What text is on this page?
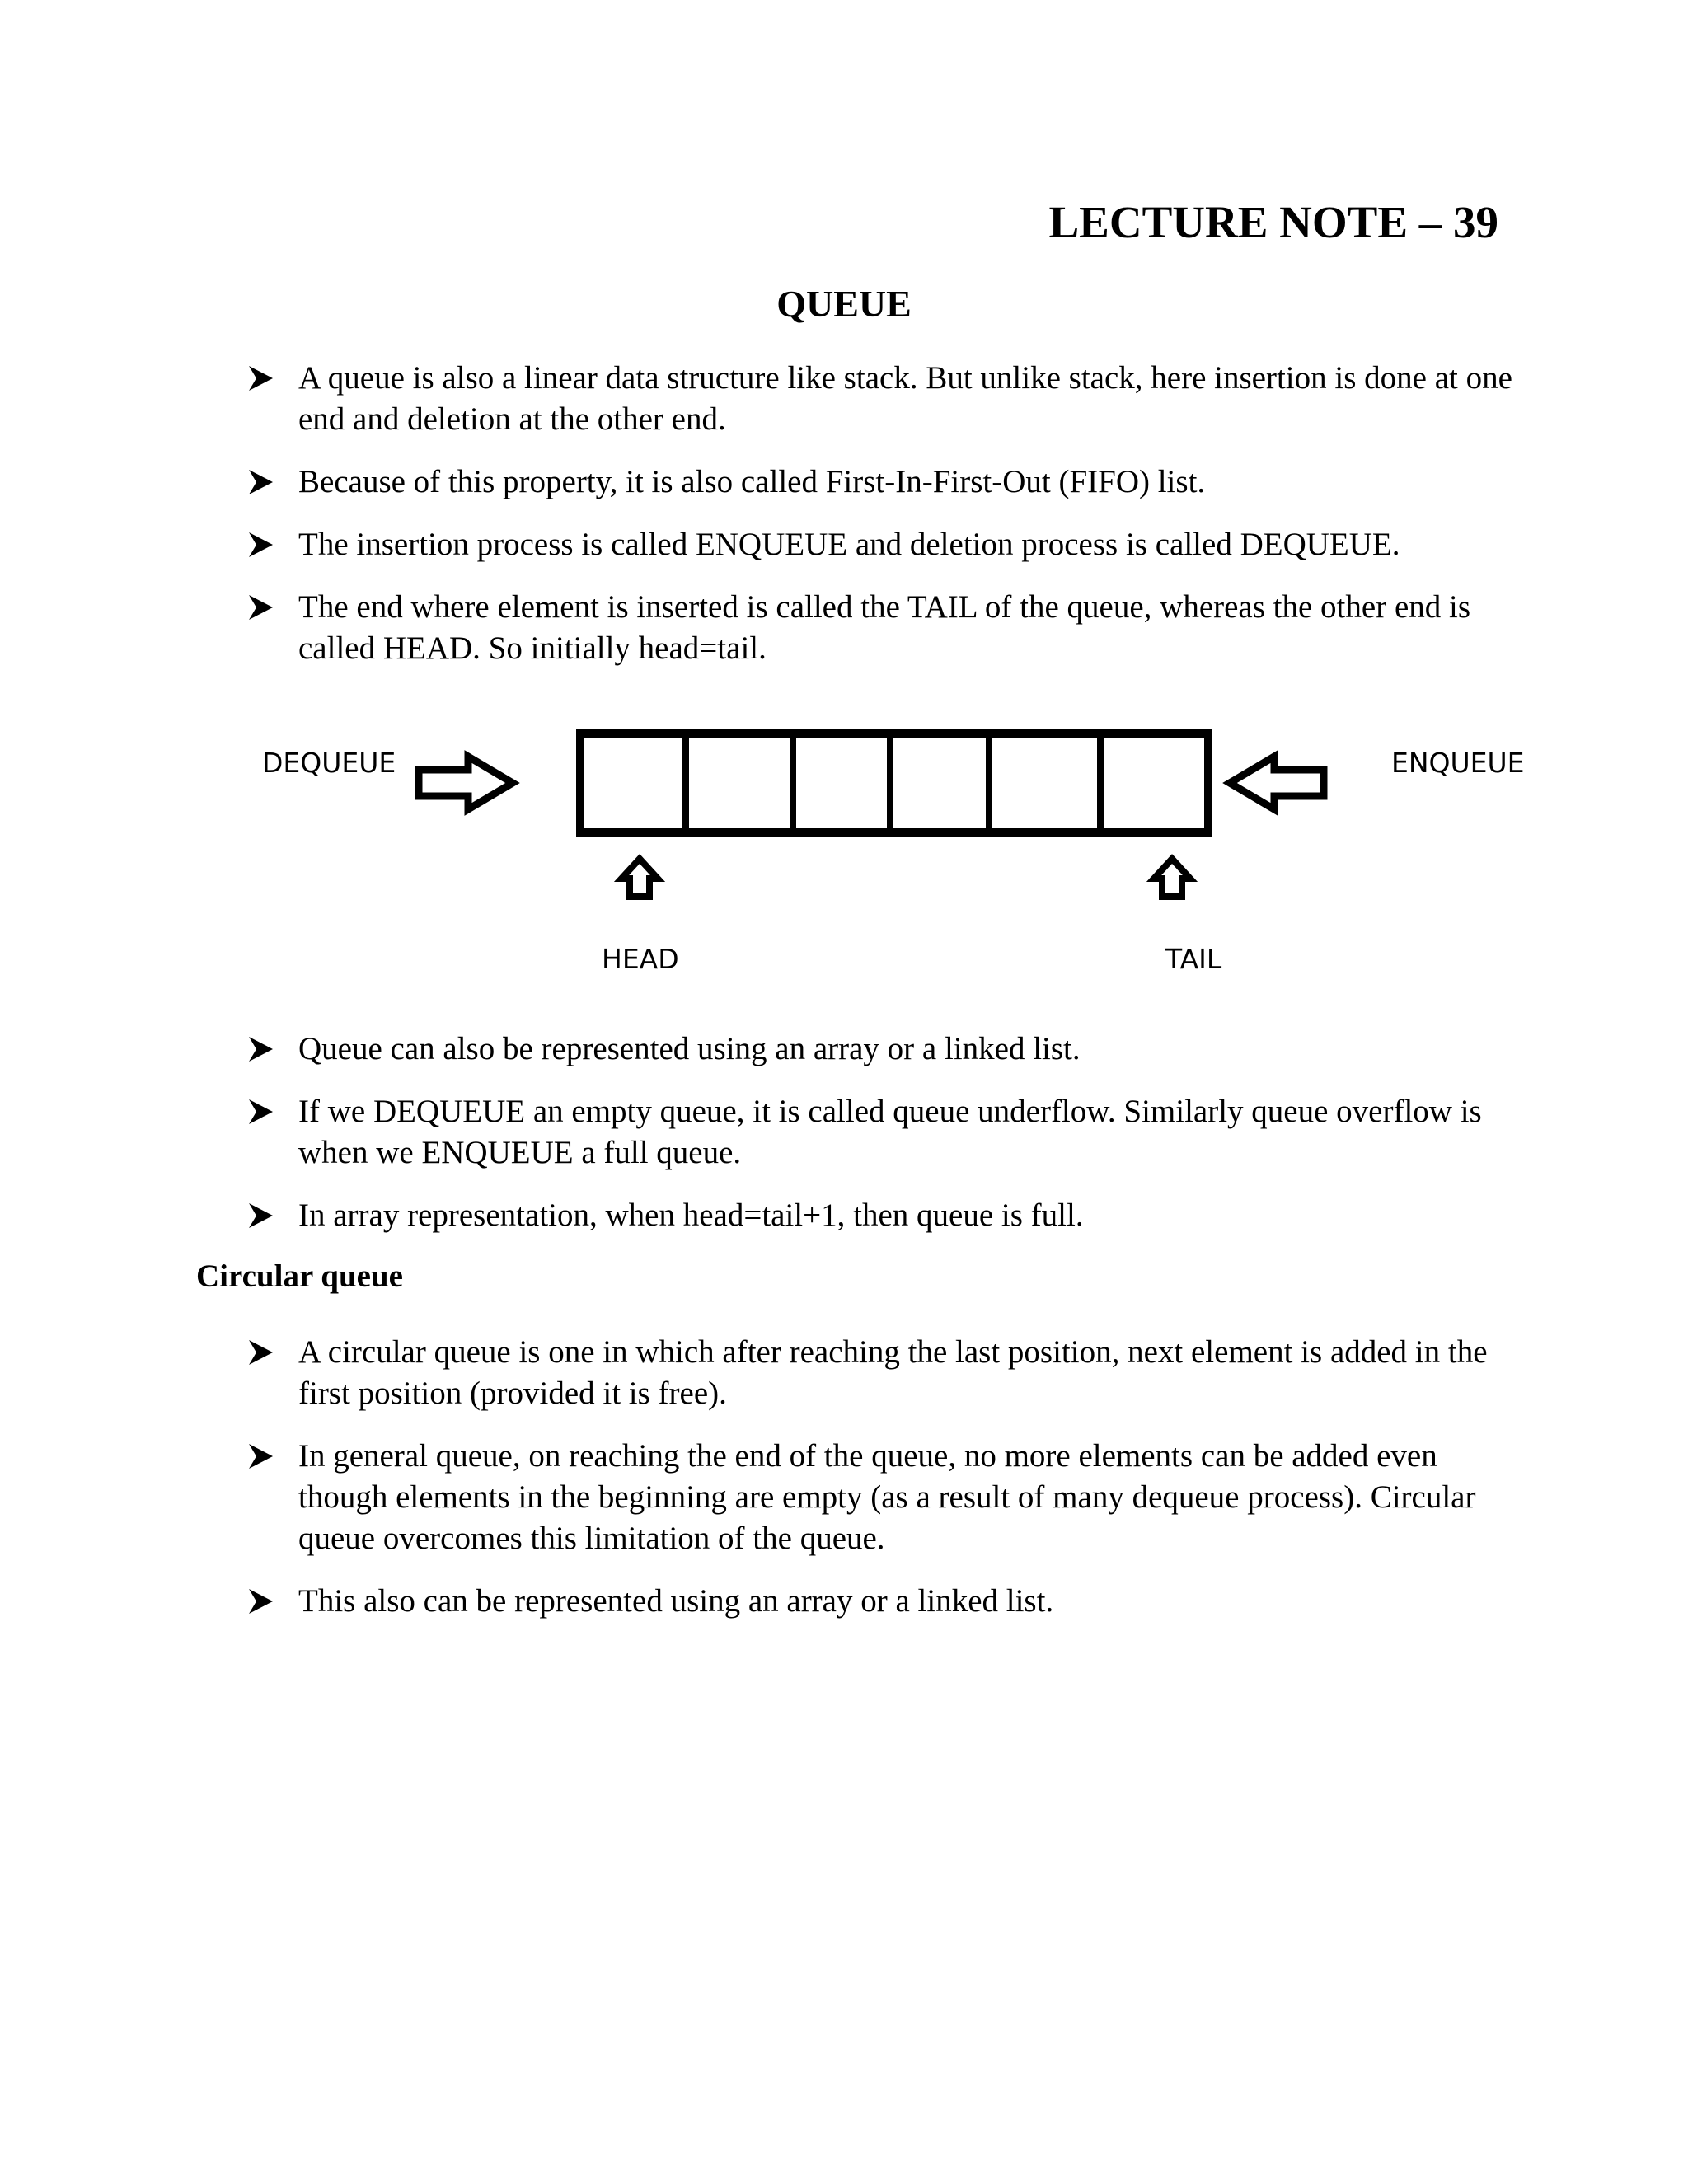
LECTURE NOTE – 39
QUEUE
A queue is also a linear data structure like stack. But unlike stack, here insertion is done at one end and deletion at the other end.
Because of this property, it is also called First-In-First-Out (FIFO) list.
The insertion process is called ENQUEUE and deletion process is called DEQUEUE.
The end where element is inserted is called the TAIL of the queue, whereas the other end is called HEAD. So initially head=tail.
DEQUEUE	ENQUEUE
HEAD	TAIL
Queue can also be represented using an array or a linked list.
If we DEQUEUE an empty queue, it is called queue underflow. Similarly queue overflow is when we ENQUEUE a full queue.
In array representation, when head=tail+1, then queue is full.
Circular queue
A circular queue is one in which after reaching the last position, next element is added in the first position (provided it is free).
In general queue, on reaching the end of the queue, no more elements can be added even though elements in the beginning are empty (as a result of many dequeue process). Circular queue overcomes this limitation of the queue.
This also can be represented using an array or a linked list.
